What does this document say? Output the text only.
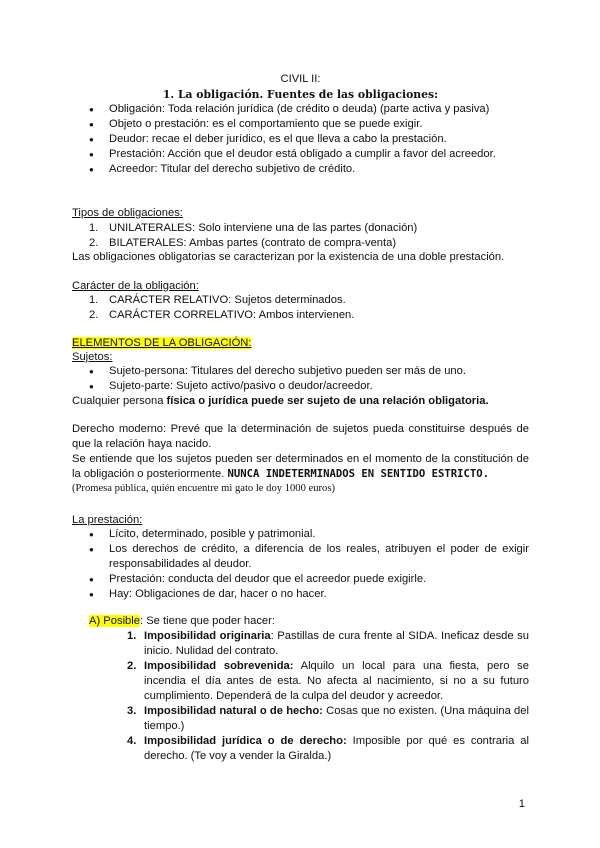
CIVIL II:
1. La obligación. Fuentes de las obligaciones:
● Obligación: Toda relación jurídica (de crédito o deuda) (parte activa y pasiva)
● Objeto o prestación: es el comportamiento que se puede exigir.
● Deudor: recae el deber jurídico, es el que lleva a cabo la prestación.
● Prestación: Acción que el deudor está obligado a cumplir a favor del acreedor.
● Acreedor: Titular del derecho subjetivo de crédito.
Tipos de obligaciones:
1. UNILATERALES: Solo interviene una de las partes (donación)
2. BILATERALES: Ambas partes (contrato de compra-venta)
Las obligaciones obligatorias se caracterizan por la existencia de una doble prestación.
Carácter de la obligación:
1. CARÁCTER RELATIVO: Sujetos determinados.
2. CARÁCTER CORRELATIVO: Ambos intervienen.
ELEMENTOS DE LA OBLIGACIÓN:
Sujetos:
● Sujeto-persona: Titulares del derecho subjetivo pueden ser más de uno.
● Sujeto-parte: Sujeto activo/pasivo o deudor/acreedor.
Cualquier persona física o jurídica puede ser sujeto de una relación obligatoria.
Derecho moderno: Prevé que la determinación de sujetos pueda constituirse después de que la relación haya nacido.
Se entiende que los sujetos pueden ser determinados en el momento de la constitución de la obligación o posteriormente. NUNCA INDETERMINADOS EN SENTIDO ESTRICTO.
(Promesa pública, quién encuentre mi gato le doy 1000 euros)
La prestación:
● Lícito, determinado, posible y patrimonial.
● Los derechos de crédito, a diferencia de los reales, atribuyen el poder de exigir responsabilidades al deudor.
● Prestación: conducta del deudor que el acreedor puede exigirle.
● Hay: Obligaciones de dar, hacer o no hacer.
A) Posible: Se tiene que poder hacer:
1. Imposibilidad originaria: Pastillas de cura frente al SIDA. Ineficaz desde su inicio. Nulidad del contrato.
2. Imposibilidad sobrevenida: Alquilo un local para una fiesta, pero se incendia el día antes de esta. No afecta al nacimiento, si no a su futuro cumplimiento. Dependerá de la culpa del deudor y acreedor.
3. Imposibilidad natural o de hecho: Cosas que no existen. (Una máquina del tiempo.)
4. Imposibilidad jurídica o de derecho: Imposible por qué es contraria al derecho. (Te voy a vender la Giralda.)
1
